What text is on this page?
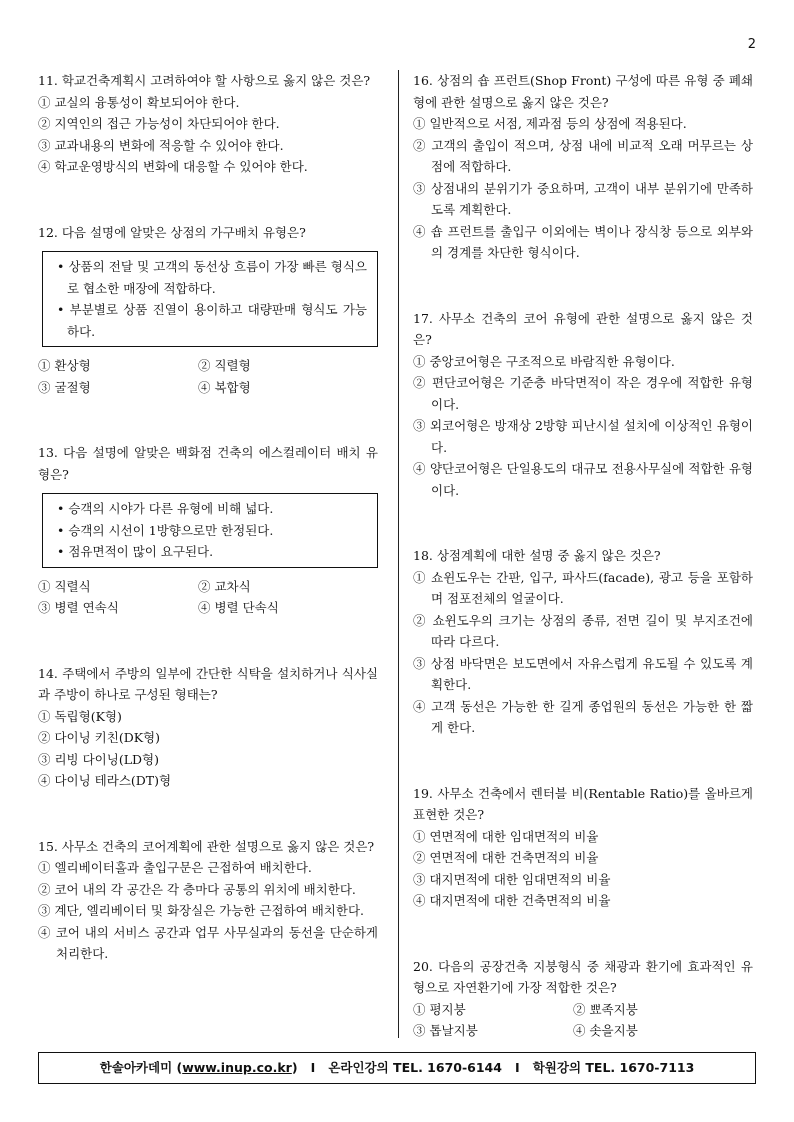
2
11. 학교건축계획시 고려하여야 할 사항으로 옳지 않은 것은?
① 교실의 융통성이 확보되어야 한다.
② 지역인의 접근 가능성이 차단되어야 한다.
③ 교과내용의 변화에 적응할 수 있어야 한다.
④ 학교운영방식의 변화에 대응할 수 있어야 한다.
12. 다음 설명에 알맞은 상점의 가구배치 유형은?
• 상품의 전달 및 고객의 동선상 흐름이 가장 빠른 형식으로 협소한 매장에 적합하다.
• 부분별로 상품 진열이 용이하고 대량판매 형식도 가능하다.
① 환상형	② 직렬형
③ 굴절형	④ 복합형
13. 다음 설명에 알맞은 백화점 건축의 에스컬레이터 배치 유형은?
• 승객의 시야가 다른 유형에 비해 넓다.
• 승객의 시선이 1방향으로만 한정된다.
• 점유면적이 많이 요구된다.
① 직렬식	② 교차식
③ 병렬 연속식	④ 병렬 단속식
14. 주택에서 주방의 일부에 간단한 식탁을 설치하거나 식사실과 주방이 하나로 구성된 형태는?
① 독립형(K형)
② 다이닝 키친(DK형)
③ 리빙 다이닝(LD형)
④ 다이닝 테라스(DT)형
15. 사무소 건축의 코어계획에 관한 설명으로 옳지 않은 것은?
① 엘리베이터홀과 출입구문은 근접하여 배치한다.
② 코어 내의 각 공간은 각 층마다 공통의 위치에 배치한다.
③ 계단, 엘리베이터 및 화장실은 가능한 근접하여 배치한다.
④ 코어 내의 서비스 공간과 업무 사무실과의 동선을 단순하게 처리한다.
16. 상점의 숍 프런트(Shop Front) 구성에 따른 유형 중 폐쇄형에 관한 설명으로 옳지 않은 것은?
① 일반적으로 서점, 제과점 등의 상점에 적용된다.
② 고객의 출입이 적으며, 상점 내에 비교적 오래 머무르는 상점에 적합하다.
③ 상점내의 분위기가 중요하며, 고객이 내부 분위기에 만족하도록 계획한다.
④ 숍 프런트를 출입구 이외에는 벽이나 장식창 등으로 외부와의 경계를 차단한 형식이다.
17. 사무소 건축의 코어 유형에 관한 설명으로 옳지 않은 것은?
① 중앙코어형은 구조적으로 바람직한 유형이다.
② 편단코어형은 기준층 바닥면적이 작은 경우에 적합한 유형이다.
③ 외코어형은 방재상 2방향 피난시설 설치에 이상적인 유형이다.
④ 양단코어형은 단일용도의 대규모 전용사무실에 적합한 유형이다.
18. 상점계획에 대한 설명 중 옳지 않은 것은?
① 쇼윈도우는 간판, 입구, 파사드(facade), 광고 등을 포함하며 점포전체의 얼굴이다.
② 쇼윈도우의 크기는 상점의 종류, 전면 길이 및 부지조건에 따라 다르다.
③ 상점 바닥면은 보도면에서 자유스럽게 유도될 수 있도록 계획한다.
④ 고객 동선은 가능한 한 길게 종업원의 동선은 가능한 한 짧게 한다.
19. 사무소 건축에서 렌터블 비(Rentable Ratio)를 올바르게 표현한 것은?
① 연면적에 대한 임대면적의 비율
② 연면적에 대한 건축면적의 비율
③ 대지면적에 대한 임대면적의 비율
④ 대지면적에 대한 건축면적의 비율
20. 다음의 공장건축 지붕형식 중 채광과 환기에 효과적인 유형으로 자연환기에 가장 적합한 것은?
① 평지붕	② 뾰족지붕
③ 톱날지붕	④ 솟을지붕
한솔아카데미 (www.inup.co.kr) I 온라인강의 TEL. 1670-6144 I 학원강의 TEL. 1670-7113
